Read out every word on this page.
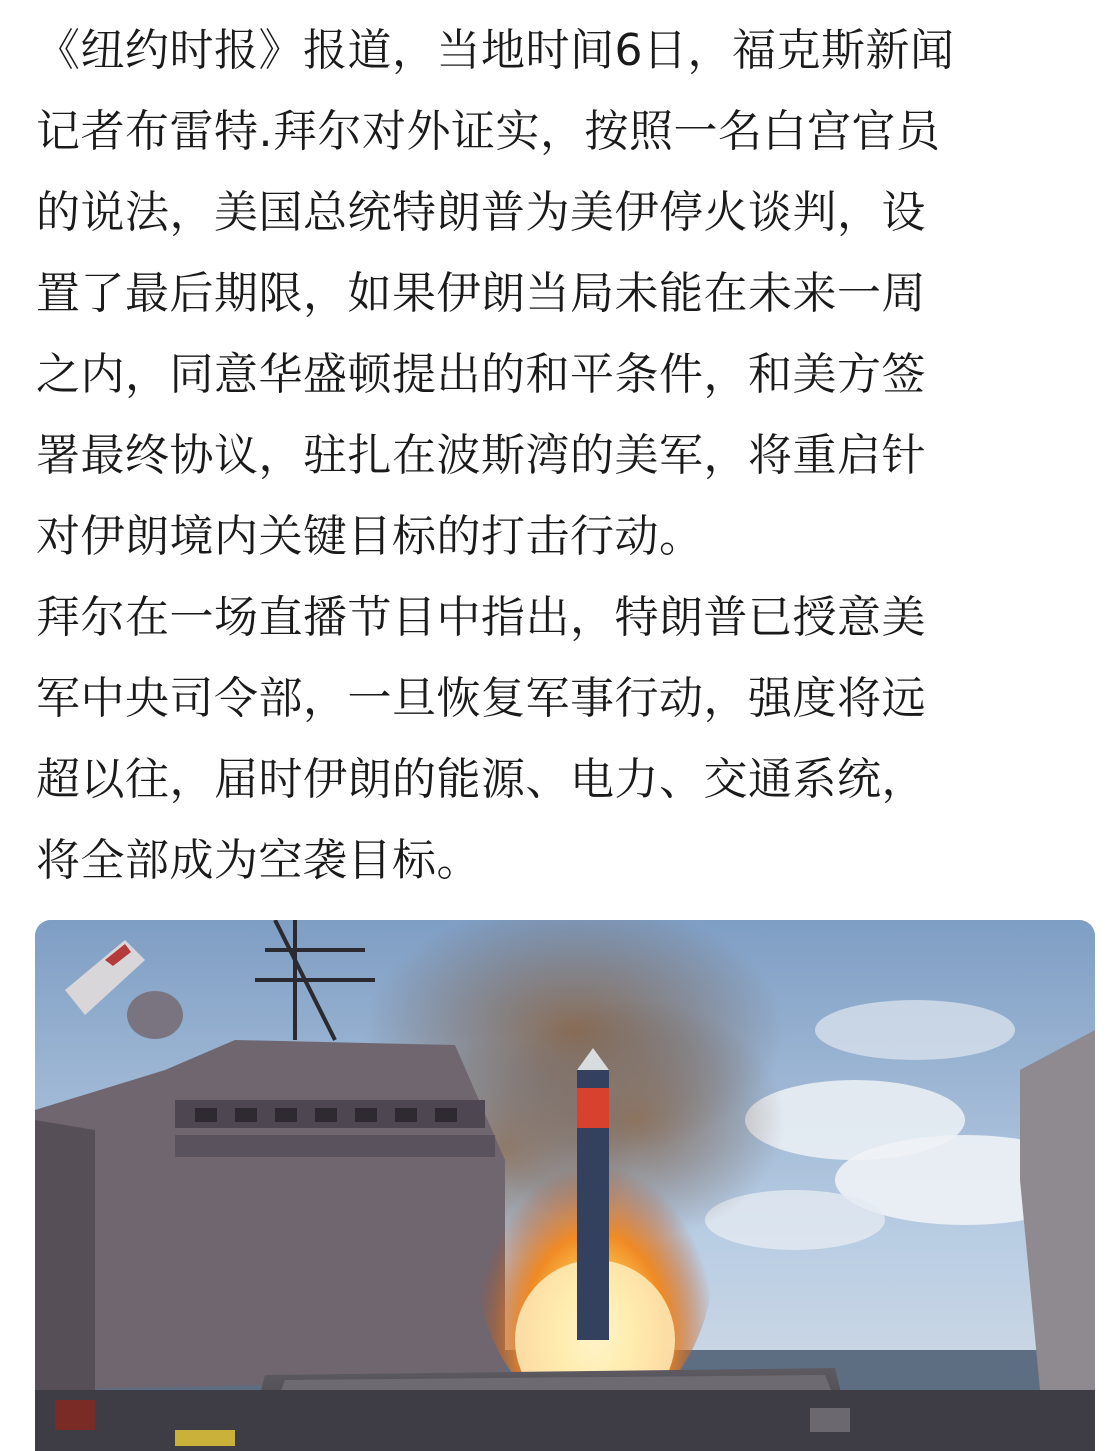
《纽约时报》报道，当地时间6日，福克斯新闻
记者布雷特.拜尔对外证实，按照一名白宫官员
的说法，美国总统特朗普为美伊停火谈判，设
置了最后期限，如果伊朗当局未能在未来一周
之内，同意华盛顿提出的和平条件，和美方签
署最终协议，驻扎在波斯湾的美军，将重启针
对伊朗境内关键目标的打击行动。
拜尔在一场直播节目中指出，特朗普已授意美
军中央司令部，一旦恢复军事行动，强度将远
超以往，届时伊朗的能源、电力、交通系统，
将全部成为空袭目标。
